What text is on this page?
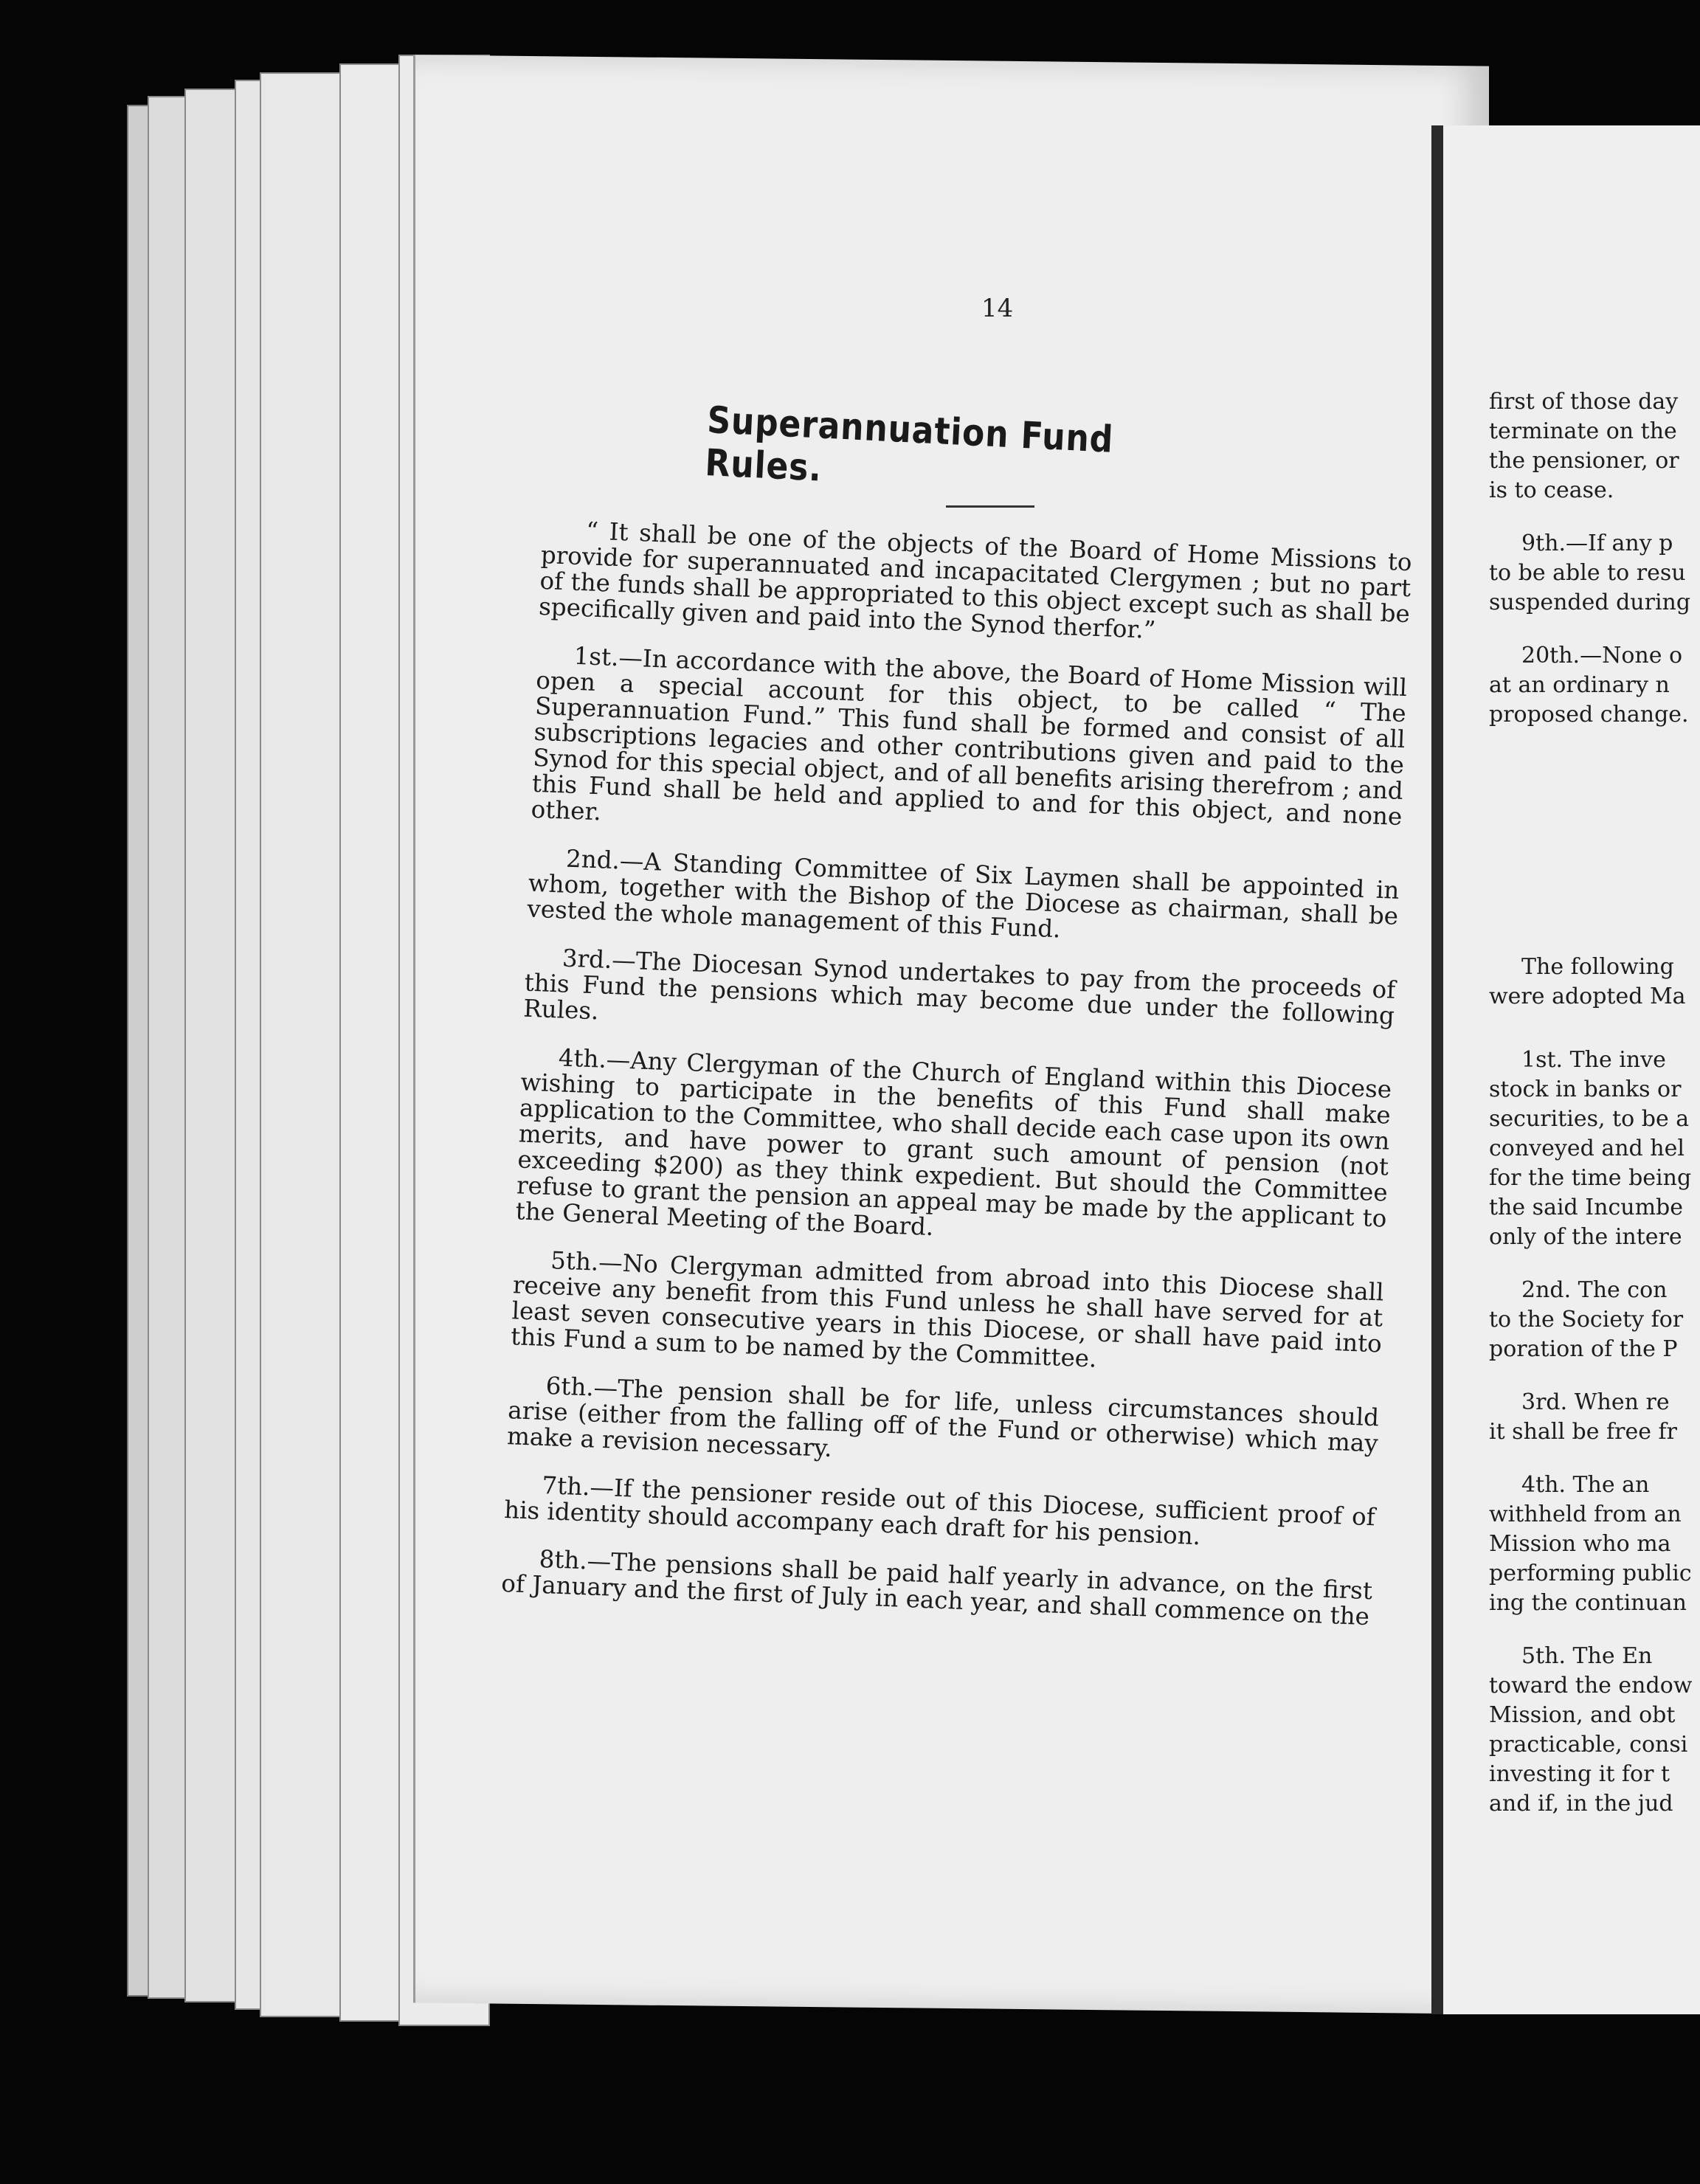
14
Superannuation Fund Rules.

“ It shall be one of the objects of the Board of Home Missions to provide for superannuated and incapacitated Clergymen ; but no part of the funds shall be appropriated to this object except such as shall be specifically given and paid into the Synod therfor.”

1st.—In accordance with the above, the Board of Home Mission will open a special account for this object, to be called “ The Superannuation Fund.” This fund shall be formed and consist of all subscriptions legacies and other contributions given and paid to the Synod for this special object, and of all benefits arising therefrom ; and this Fund shall be held and applied to and for this object, and none other.

2nd.—A Standing Committee of Six Laymen shall be appointed in whom, together with the Bishop of the Diocese as chairman, shall be vested the whole management of this Fund.

3rd.—The Diocesan Synod undertakes to pay from the proceeds of this Fund the pensions which may become due under the following Rules.

4th.—Any Clergyman of the Church of England within this Diocese wishing to participate in the benefits of this Fund shall make application to the Committee, who shall decide each case upon its own merits, and have power to grant such amount of pension (not exceeding $200) as they think expedient. But should the Committee refuse to grant the pension an appeal may be made by the applicant to the General Meeting of the Board.

5th.—No Clergyman admitted from abroad into this Diocese shall receive any benefit from this Fund unless he shall have served for at least seven consecutive years in this Diocese, or shall have paid into this Fund a sum to be named by the Committee.

6th.—The pension shall be for life, unless circumstances should arise (either from the falling off of the Fund or otherwise) which may make a revision necessary.

7th.—If the pensioner reside out of this Diocese, sufficient proof of his identity should accompany each draft for his pension.

8th.—The pensions shall be paid half yearly in advance, on the first of January and the first of July in each year, and shall commence on the

first of those day
terminate on the
the pensioner, or
is to cease.
9th.—If any p
to be able to resu
suspended during
20th.—None o
at an ordinary n
proposed change.
The following
were adopted Ma
1st. The inve
stock in banks or
securities, to be a
conveyed and hel
for the time being
the said Incumbe
only of the intere
2nd. The con
to the Society for
poration of the P
3rd. When re
it shall be free fr
4th. The an
withheld from an
Mission who ma
performing public
ing the continuan
5th. The En
toward the endow
Mission, and obt
practicable, consi
investing it for t
and if, in the jud
